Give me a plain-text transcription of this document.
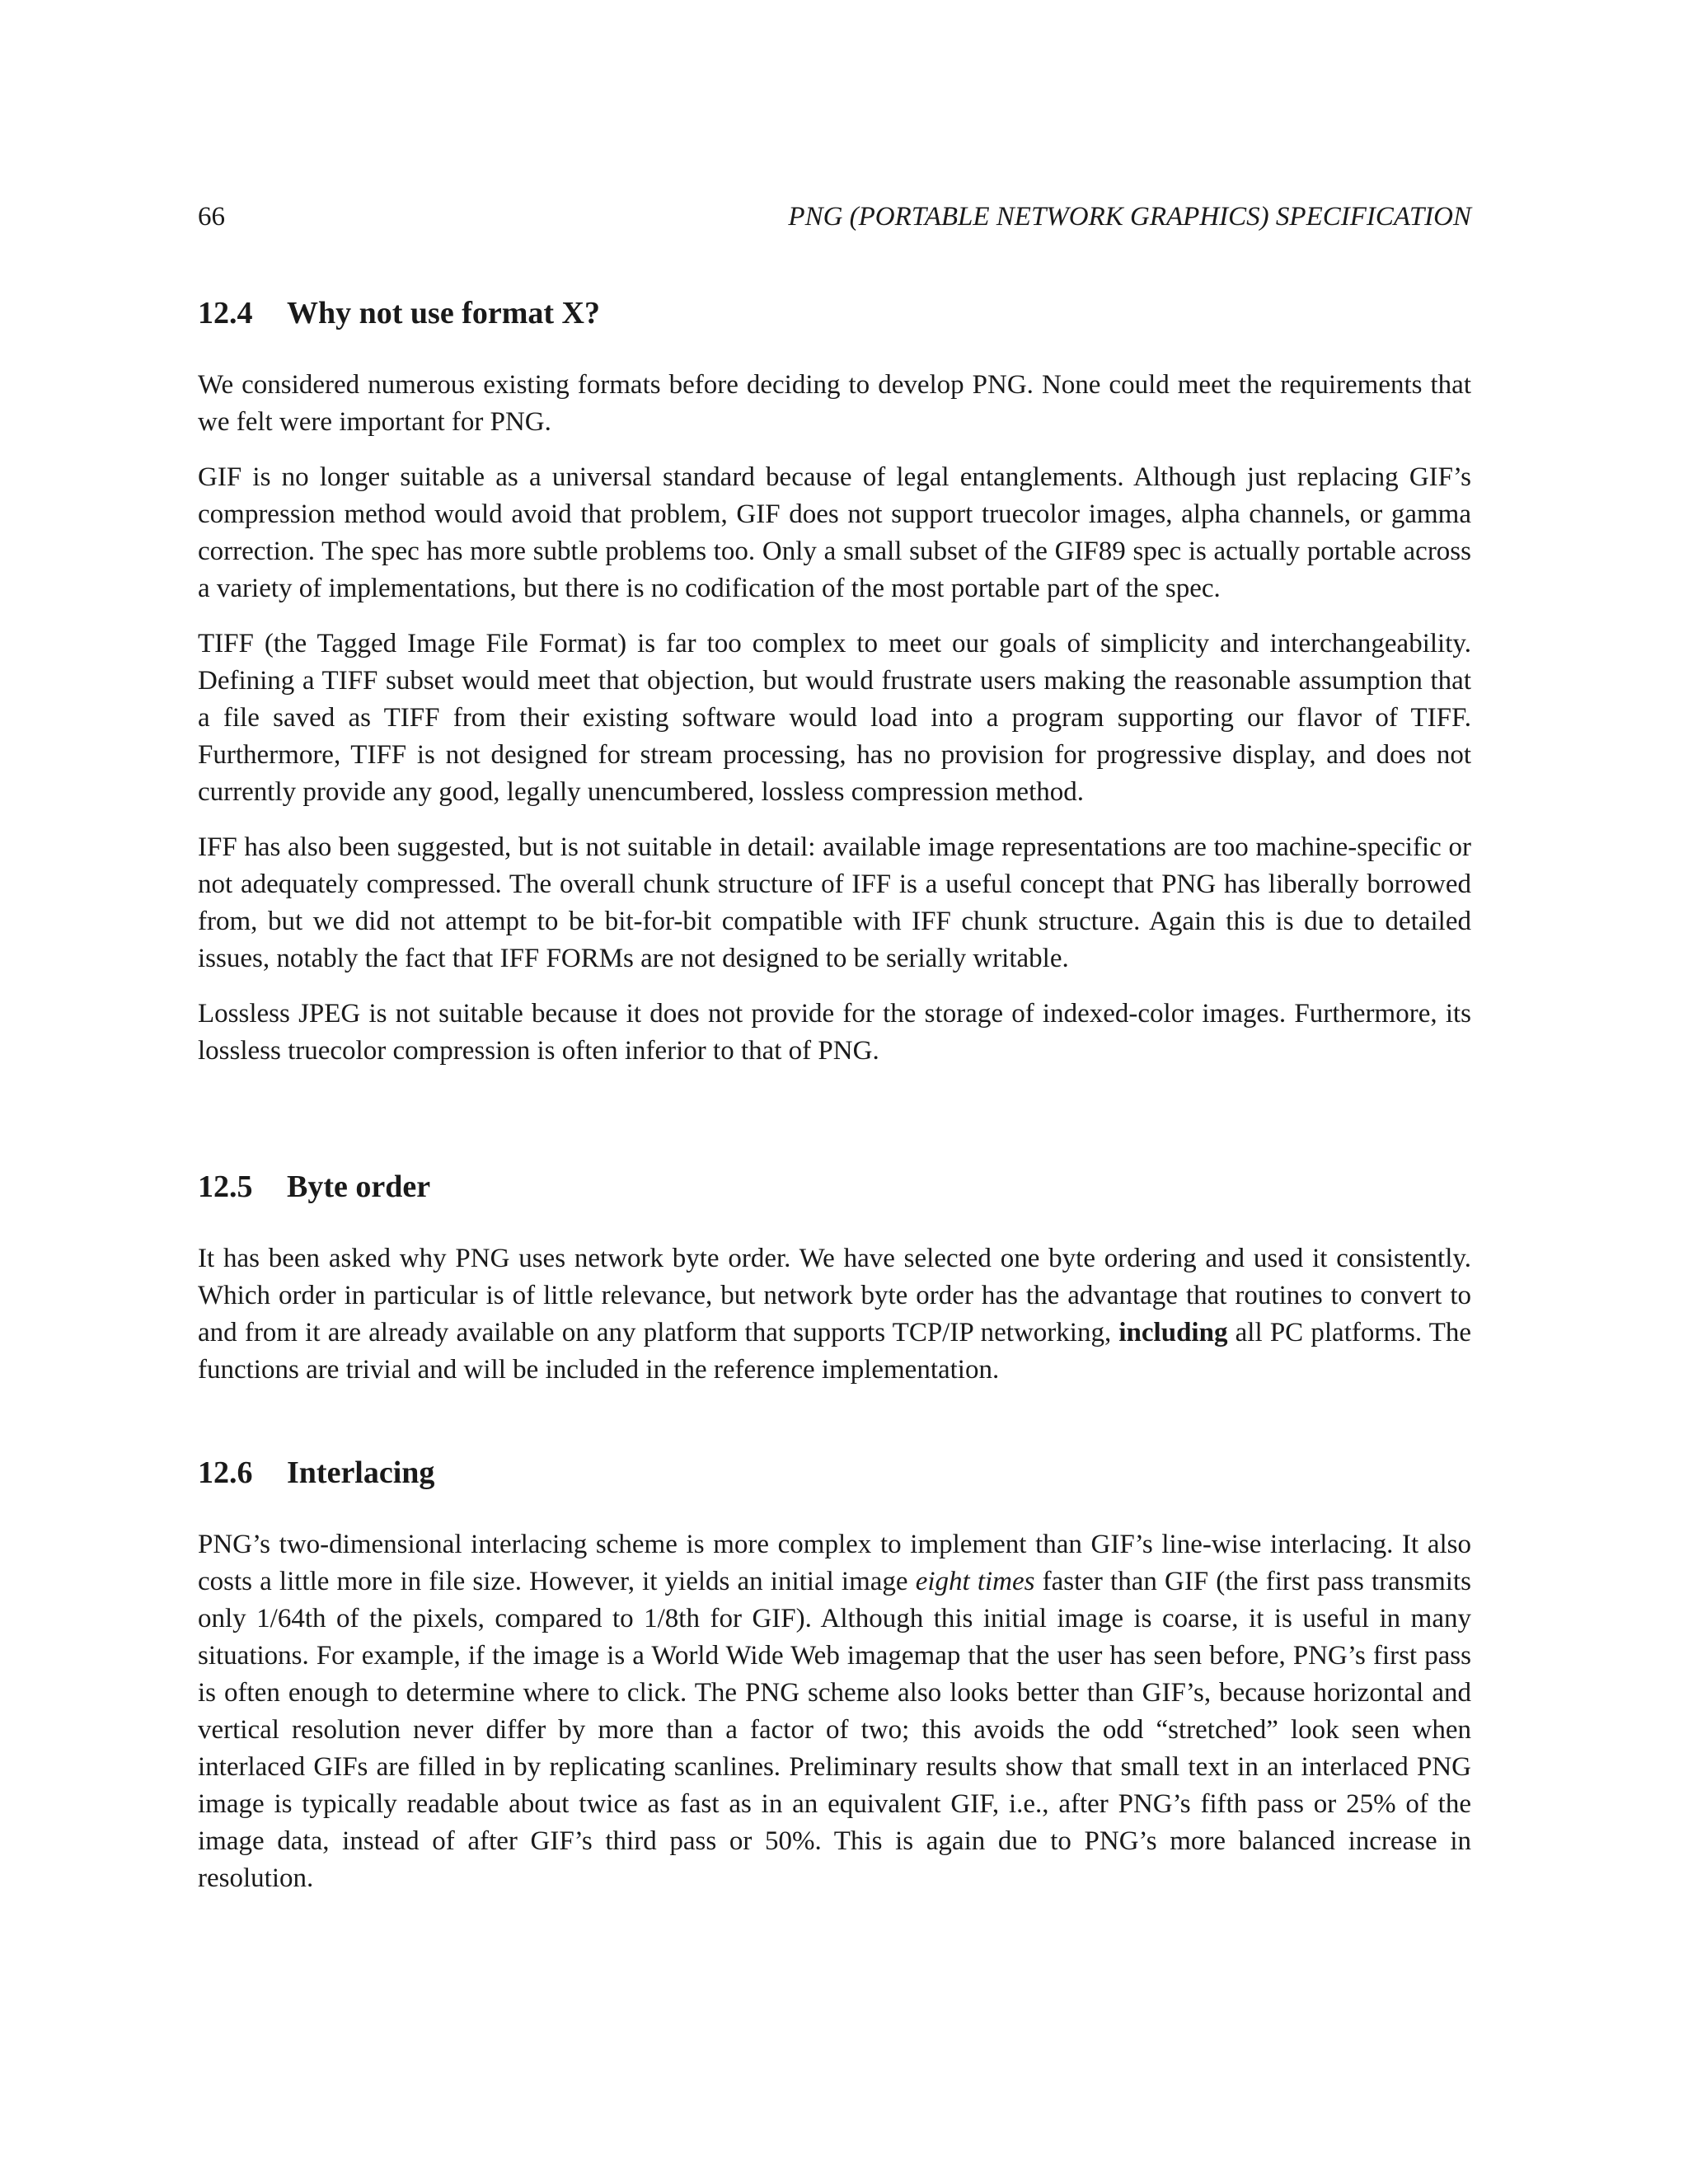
66	PNG (PORTABLE NETWORK GRAPHICS) SPECIFICATION
12.4 Why not use format X?

We considered numerous existing formats before deciding to develop PNG. None could meet the requirements that we felt were important for PNG.

GIF is no longer suitable as a universal standard because of legal entanglements. Although just replacing GIF’s compression method would avoid that problem, GIF does not support truecolor images, alpha channels, or gamma correction. The spec has more subtle problems too. Only a small subset of the GIF89 spec is actually portable across a variety of implementations, but there is no codification of the most portable part of the spec.

TIFF (the Tagged Image File Format) is far too complex to meet our goals of simplicity and interchangeability. Defining a TIFF subset would meet that objection, but would frustrate users making the reasonable assumption that a file saved as TIFF from their existing software would load into a program supporting our flavor of TIFF. Furthermore, TIFF is not designed for stream processing, has no provision for progressive display, and does not currently provide any good, legally unencumbered, lossless compression method.

IFF has also been suggested, but is not suitable in detail: available image representations are too machine-specific or not adequately compressed. The overall chunk structure of IFF is a useful concept that PNG has liberally borrowed from, but we did not attempt to be bit-for-bit compatible with IFF chunk structure. Again this is due to detailed issues, notably the fact that IFF FORMs are not designed to be serially writable.

Lossless JPEG is not suitable because it does not provide for the storage of indexed-color images. Furthermore, its lossless truecolor compression is often inferior to that of PNG.

12.5 Byte order

It has been asked why PNG uses network byte order. We have selected one byte ordering and used it consistently. Which order in particular is of little relevance, but network byte order has the advantage that routines to convert to and from it are already available on any platform that supports TCP/IP networking, including all PC platforms. The functions are trivial and will be included in the reference implementation.

12.6 Interlacing

PNG’s two-dimensional interlacing scheme is more complex to implement than GIF’s line-wise interlacing. It also costs a little more in file size. However, it yields an initial image eight times faster than GIF (the first pass transmits only 1/64th of the pixels, compared to 1/8th for GIF). Although this initial image is coarse, it is useful in many situations. For example, if the image is a World Wide Web imagemap that the user has seen before, PNG’s first pass is often enough to determine where to click. The PNG scheme also looks better than GIF’s, because horizontal and vertical resolution never differ by more than a factor of two; this avoids the odd “stretched” look seen when interlaced GIFs are filled in by replicating scanlines. Preliminary results show that small text in an interlaced PNG image is typically readable about twice as fast as in an equivalent GIF, i.e., after PNG’s fifth pass or 25% of the image data, instead of after GIF’s third pass or 50%. This is again due to PNG’s more balanced increase in resolution.
